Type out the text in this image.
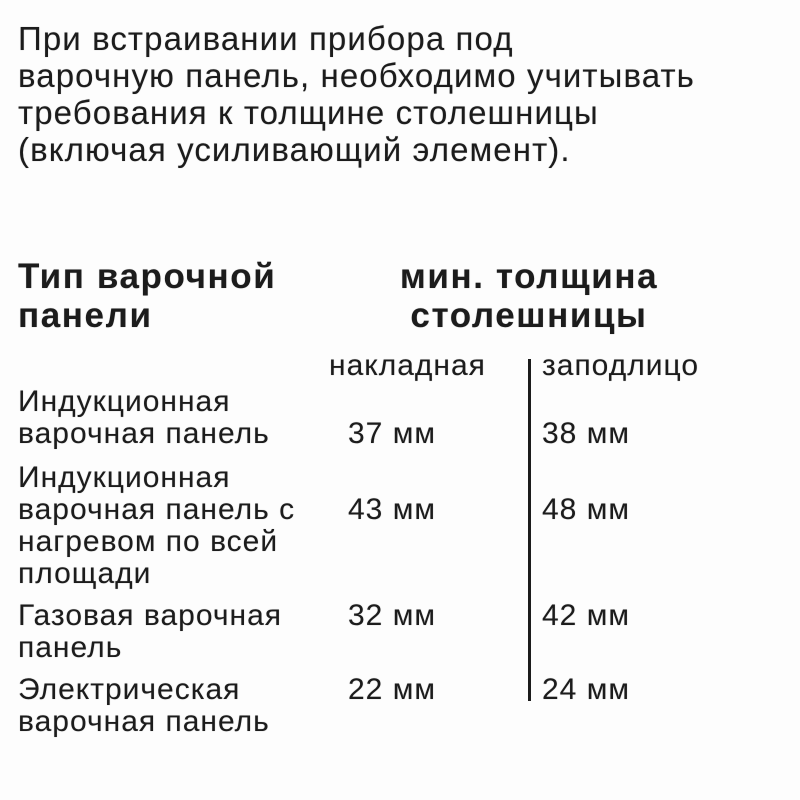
При встраивании прибора под
варочную панель, необходимо учитывать
требования к толщине столешницы
(включая усиливающий элемент).
Тип варочной
панели
мин. толщина
столешницы
накладная заподлицо
Индукционная
варочная панель	37 мм	38 мм
Индукционная
варочная панель с
нагревом по всей
площади
43 мм	48 мм
Газовая варочная
панель
32 мм	42 мм
Электрическая
варочная панель
22 мм	24 мм
